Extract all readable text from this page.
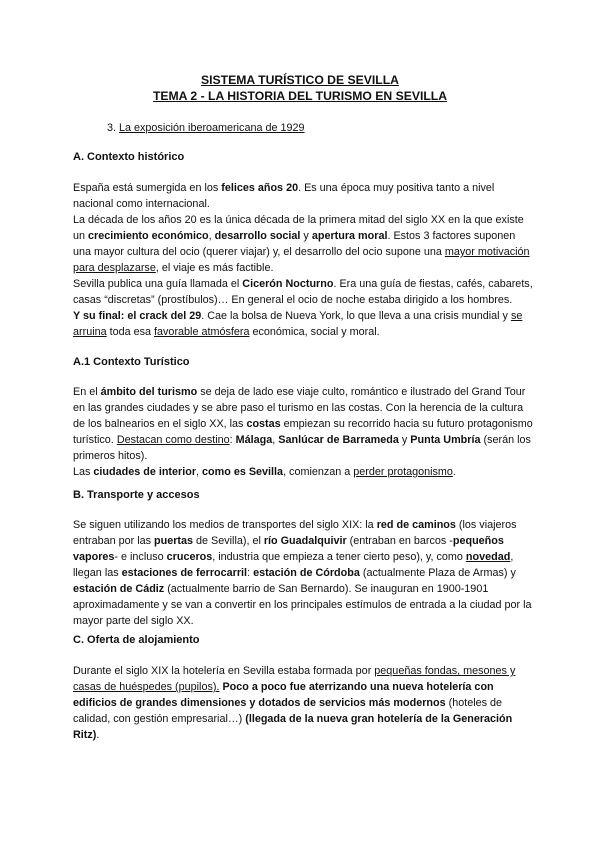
SISTEMA TURÍSTICO DE SEVILLA
TEMA 2 - LA HISTORIA DEL TURISMO EN SEVILLA
3. La exposición iberoamericana de 1929
A. Contexto histórico

España está sumergida en los felices años 20. Es una época muy positiva tanto a nivel nacional como internacional.

La década de los años 20 es la única década de la primera mitad del siglo XX en la que existe un crecimiento económico, desarrollo social y apertura moral. Estos 3 factores suponen una mayor cultura del ocio (querer viajar) y, el desarrollo del ocio supone una mayor motivación para desplazarse, el viaje es más factible.

Sevilla publica una guía llamada el Cicerón Nocturno. Era una guía de fiestas, cafés, cabarets, casas “discretas” (prostíbulos)… En general el ocio de noche estaba dirigido a los hombres.

Y su final: el crack del 29. Cae la bolsa de Nueva York, lo que lleva a una crisis mundial y se arruina toda esa favorable atmósfera económica, social y moral.

A.1 Contexto Turístico

En el ámbito del turismo se deja de lado ese viaje culto, romántico e ilustrado del Grand Tour en las grandes ciudades y se abre paso el turismo en las costas. Con la herencia de la cultura de los balnearios en el siglo XX, las costas empiezan su recorrido hacia su futuro protagonismo turístico. Destacan como destino: Málaga, Sanlúcar de Barrameda y Punta Umbría (serán los primeros hitos).

Las ciudades de interior, como es Sevilla, comienzan a perder protagonismo.

B. Transporte y accesos

Se siguen utilizando los medios de transportes del siglo XIX: la red de caminos (los viajeros entraban por las puertas de Sevilla), el río Guadalquivir (entraban en barcos -pequeños vapores- e incluso cruceros, industria que empieza a tener cierto peso), y, como novedad, llegan las estaciones de ferrocarril: estación de Córdoba (actualmente Plaza de Armas) y estación de Cádiz (actualmente barrio de San Bernardo). Se inauguran en 1900-1901 aproximadamente y se van a convertir en los principales estímulos de entrada a la ciudad por la mayor parte del siglo XX.

C. Oferta de alojamiento

Durante el siglo XIX la hotelería en Sevilla estaba formada por pequeñas fondas, mesones y casas de huéspedes (pupilos). Poco a poco fue aterrizando una nueva hotelería con edificios de grandes dimensiones y dotados de servicios más modernos (hoteles de calidad, con gestión empresarial…) (llegada de la nueva gran hotelería de la Generación Ritz).
